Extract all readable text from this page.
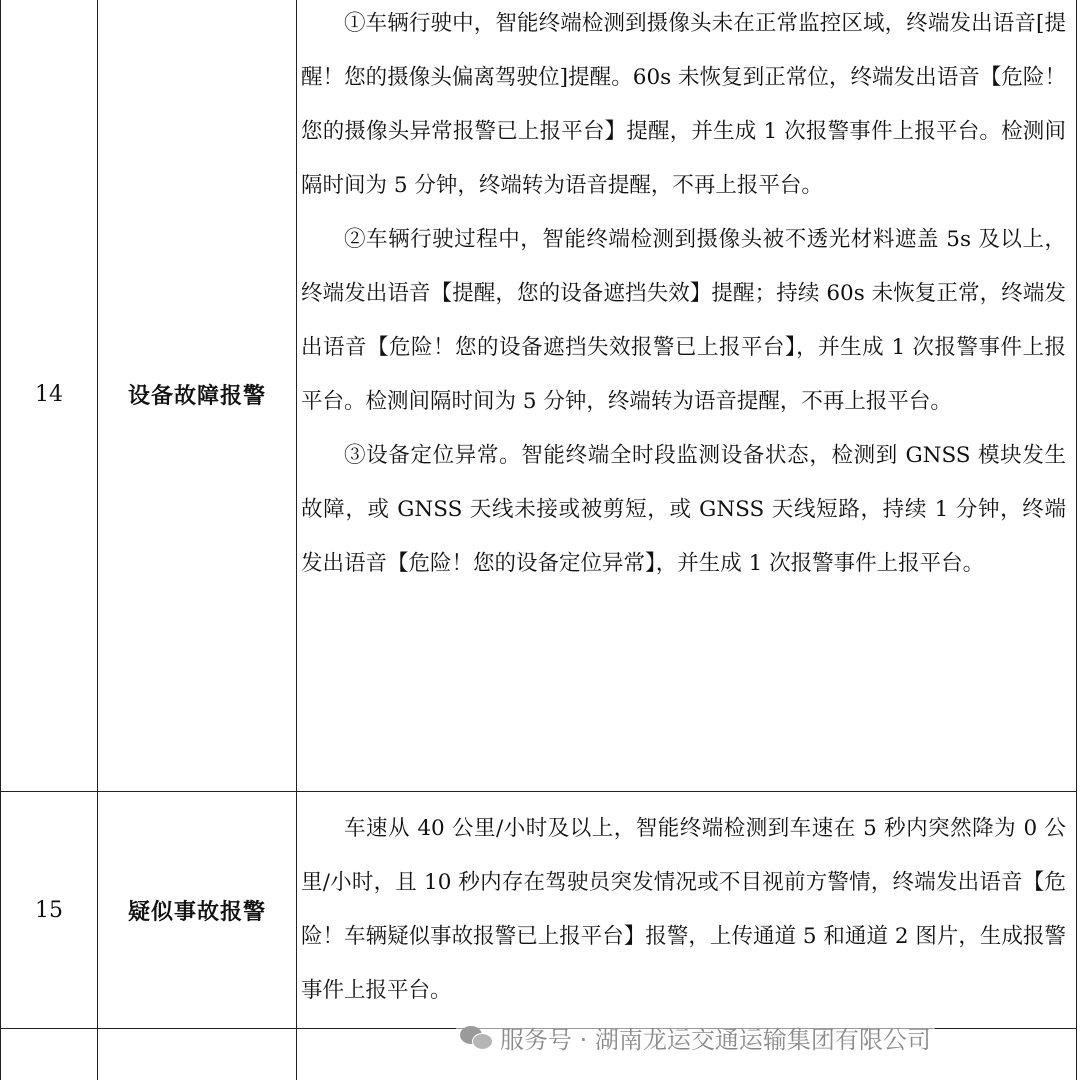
14	设备故障报警	①车辆行驶中，智能终端检测到摄像头未在正常监控区域，终端发出语音[提醒！您的摄像头偏离驾驶位]提醒。60s 未恢复到正常位，终端发出语音【危险！您的摄像头异常报警已上报平台】提醒，并生成 1 次报警事件上报平台。检测间隔时间为 5 分钟，终端转为语音提醒，不再上报平台。

②车辆行驶过程中，智能终端检测到摄像头被不透光材料遮盖 5s 及以上，终端发出语音【提醒，您的设备遮挡失效】提醒；持续 60s 未恢复正常，终端发出语音【危险！您的设备遮挡失效报警已上报平台】，并生成 1 次报警事件上报平台。检测间隔时间为 5 分钟，终端转为语音提醒，不再上报平台。

③设备定位异常。智能终端全时段监测设备状态，检测到 GNSS 模块发生故障，或 GNSS 天线未接或被剪短，或 GNSS 天线短路，持续 1 分钟，终端发出语音【危险！您的设备定位异常】，并生成 1 次报警事件上报平台。

15	疑似事故报警	车速从 40 公里/小时及以上，智能终端检测到车速在 5 秒内突然降为 0 公里/小时，且 10 秒内存在驾驶员突发情况或不目视前方警情，终端发出语音【危险！车辆疑似事故报警已上报平台】报警，上传通道 5 和通道 2 图片，生成报警事件上报平台。

服务号 · 湖南龙运交通运输集团有限公司
